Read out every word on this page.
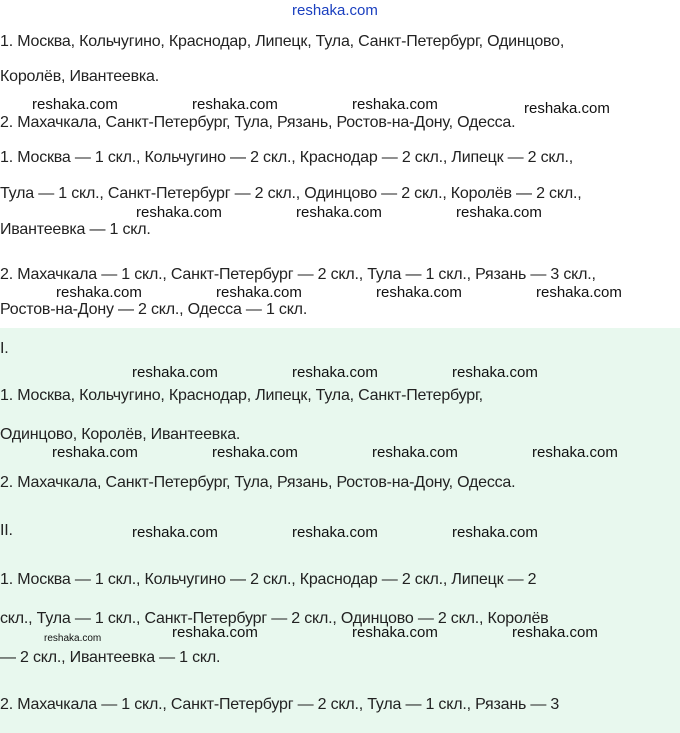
reshaka.com
1. Москва, Кольчугино, Краснодар, Липецк, Тула, Санкт-Петербург, Одинцово,
Королёв, Ивантеевка.
2. Махачкала, Санкт-Петербург, Тула, Рязань, Ростов-на-Дону, Одесса.
1. Москва — 1 скл., Кольчугино — 2 скл., Краснодар — 2 скл., Липецк — 2 скл.,
Тула — 1 скл., Санкт-Петербург — 2 скл., Одинцово — 2 скл., Королёв — 2 скл.,
Ивантеевка — 1 скл.
2. Махачкала — 1 скл., Санкт-Петербург — 2 скл., Тула — 1 скл., Рязань — 3 скл.,
Ростов-на-Дону — 2 скл., Одесса — 1 скл.
I.
1. Москва, Кольчугино, Краснодар, Липецк, Тула, Санкт-Петербург,
Одинцово, Королёв, Ивантеевка.
2. Махачкала, Санкт-Петербург, Тула, Рязань, Ростов-на-Дону, Одесса.
II.
1. Москва — 1 скл., Кольчугино — 2 скл., Краснодар — 2 скл., Липецк — 2
скл., Тула — 1 скл., Санкт-Петербург — 2 скл., Одинцово — 2 скл., Королёв
— 2 скл., Ивантеевка — 1 скл.
2. Махачкала — 1 скл., Санкт-Петербург — 2 скл., Тула — 1 скл., Рязань — 3
reshaka.com	reshaka.com	reshaka.com	reshaka.com
reshaka.com	reshaka.com	reshaka.com
reshaka.com	reshaka.com	reshaka.com	reshaka.com
reshaka.com	reshaka.com	reshaka.com
reshaka.com	reshaka.com	reshaka.com	reshaka.com
reshaka.com	reshaka.com	reshaka.com
reshaka.com	reshaka.com	reshaka.com	reshaka.com
